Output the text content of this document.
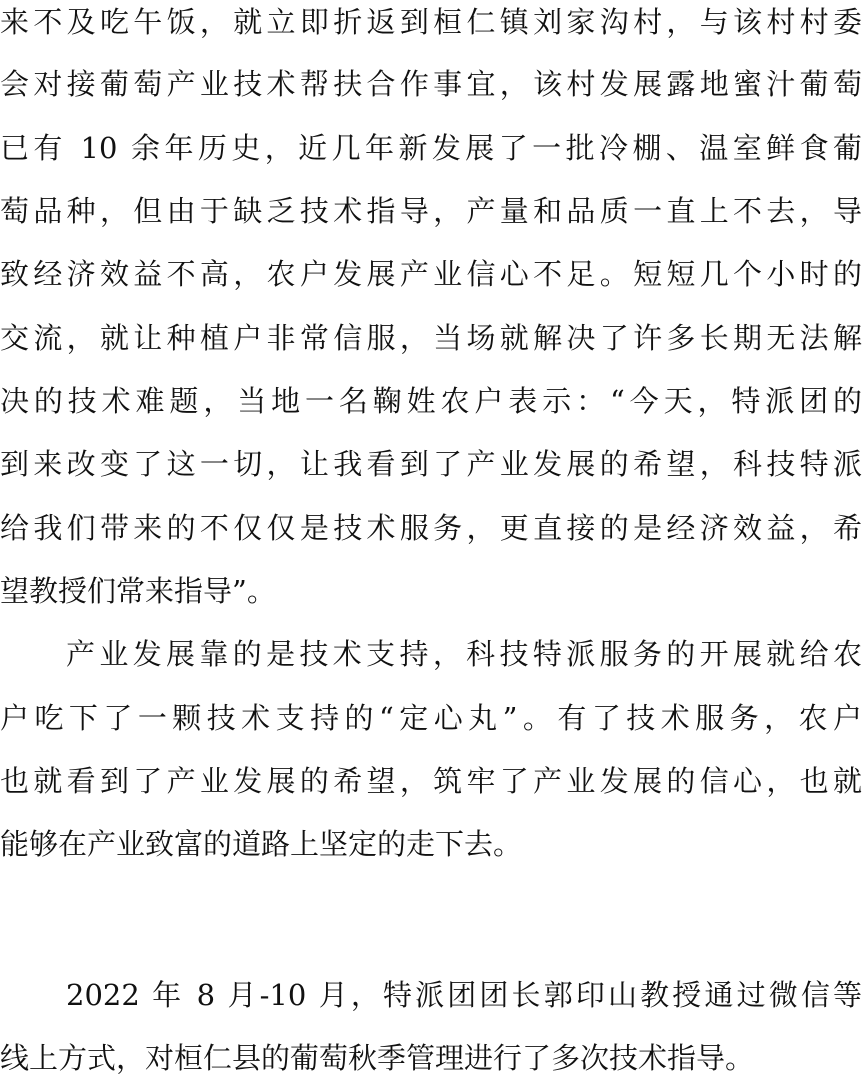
来不及吃午饭，就立即折返到桓仁镇刘家沟村，与该村村委
会对接葡萄产业技术帮扶合作事宜，该村发展露地蜜汁葡萄
已有 10 余年历史，近几年新发展了一批冷棚、温室鲜食葡
萄品种，但由于缺乏技术指导，产量和品质一直上不去，导
致经济效益不高，农户发展产业信心不足。短短几个小时的
交流，就让种植户非常信服，当场就解决了许多长期无法解
决的技术难题，当地一名鞠姓农户表示：“今天，特派团的
到来改变了这一切，让我看到了产业发展的希望，科技特派
给我们带来的不仅仅是技术服务，更直接的是经济效益，希
望教授们常来指导”。
产业发展靠的是技术支持，科技特派服务的开展就给农
户吃下了一颗技术支持的“定心丸”。有了技术服务，农户
也就看到了产业发展的希望，筑牢了产业发展的信心，也就
能够在产业致富的道路上坚定的走下去。
2022 年 8 月-10 月，特派团团长郭印山教授通过微信等
线上方式，对桓仁县的葡萄秋季管理进行了多次技术指导。
